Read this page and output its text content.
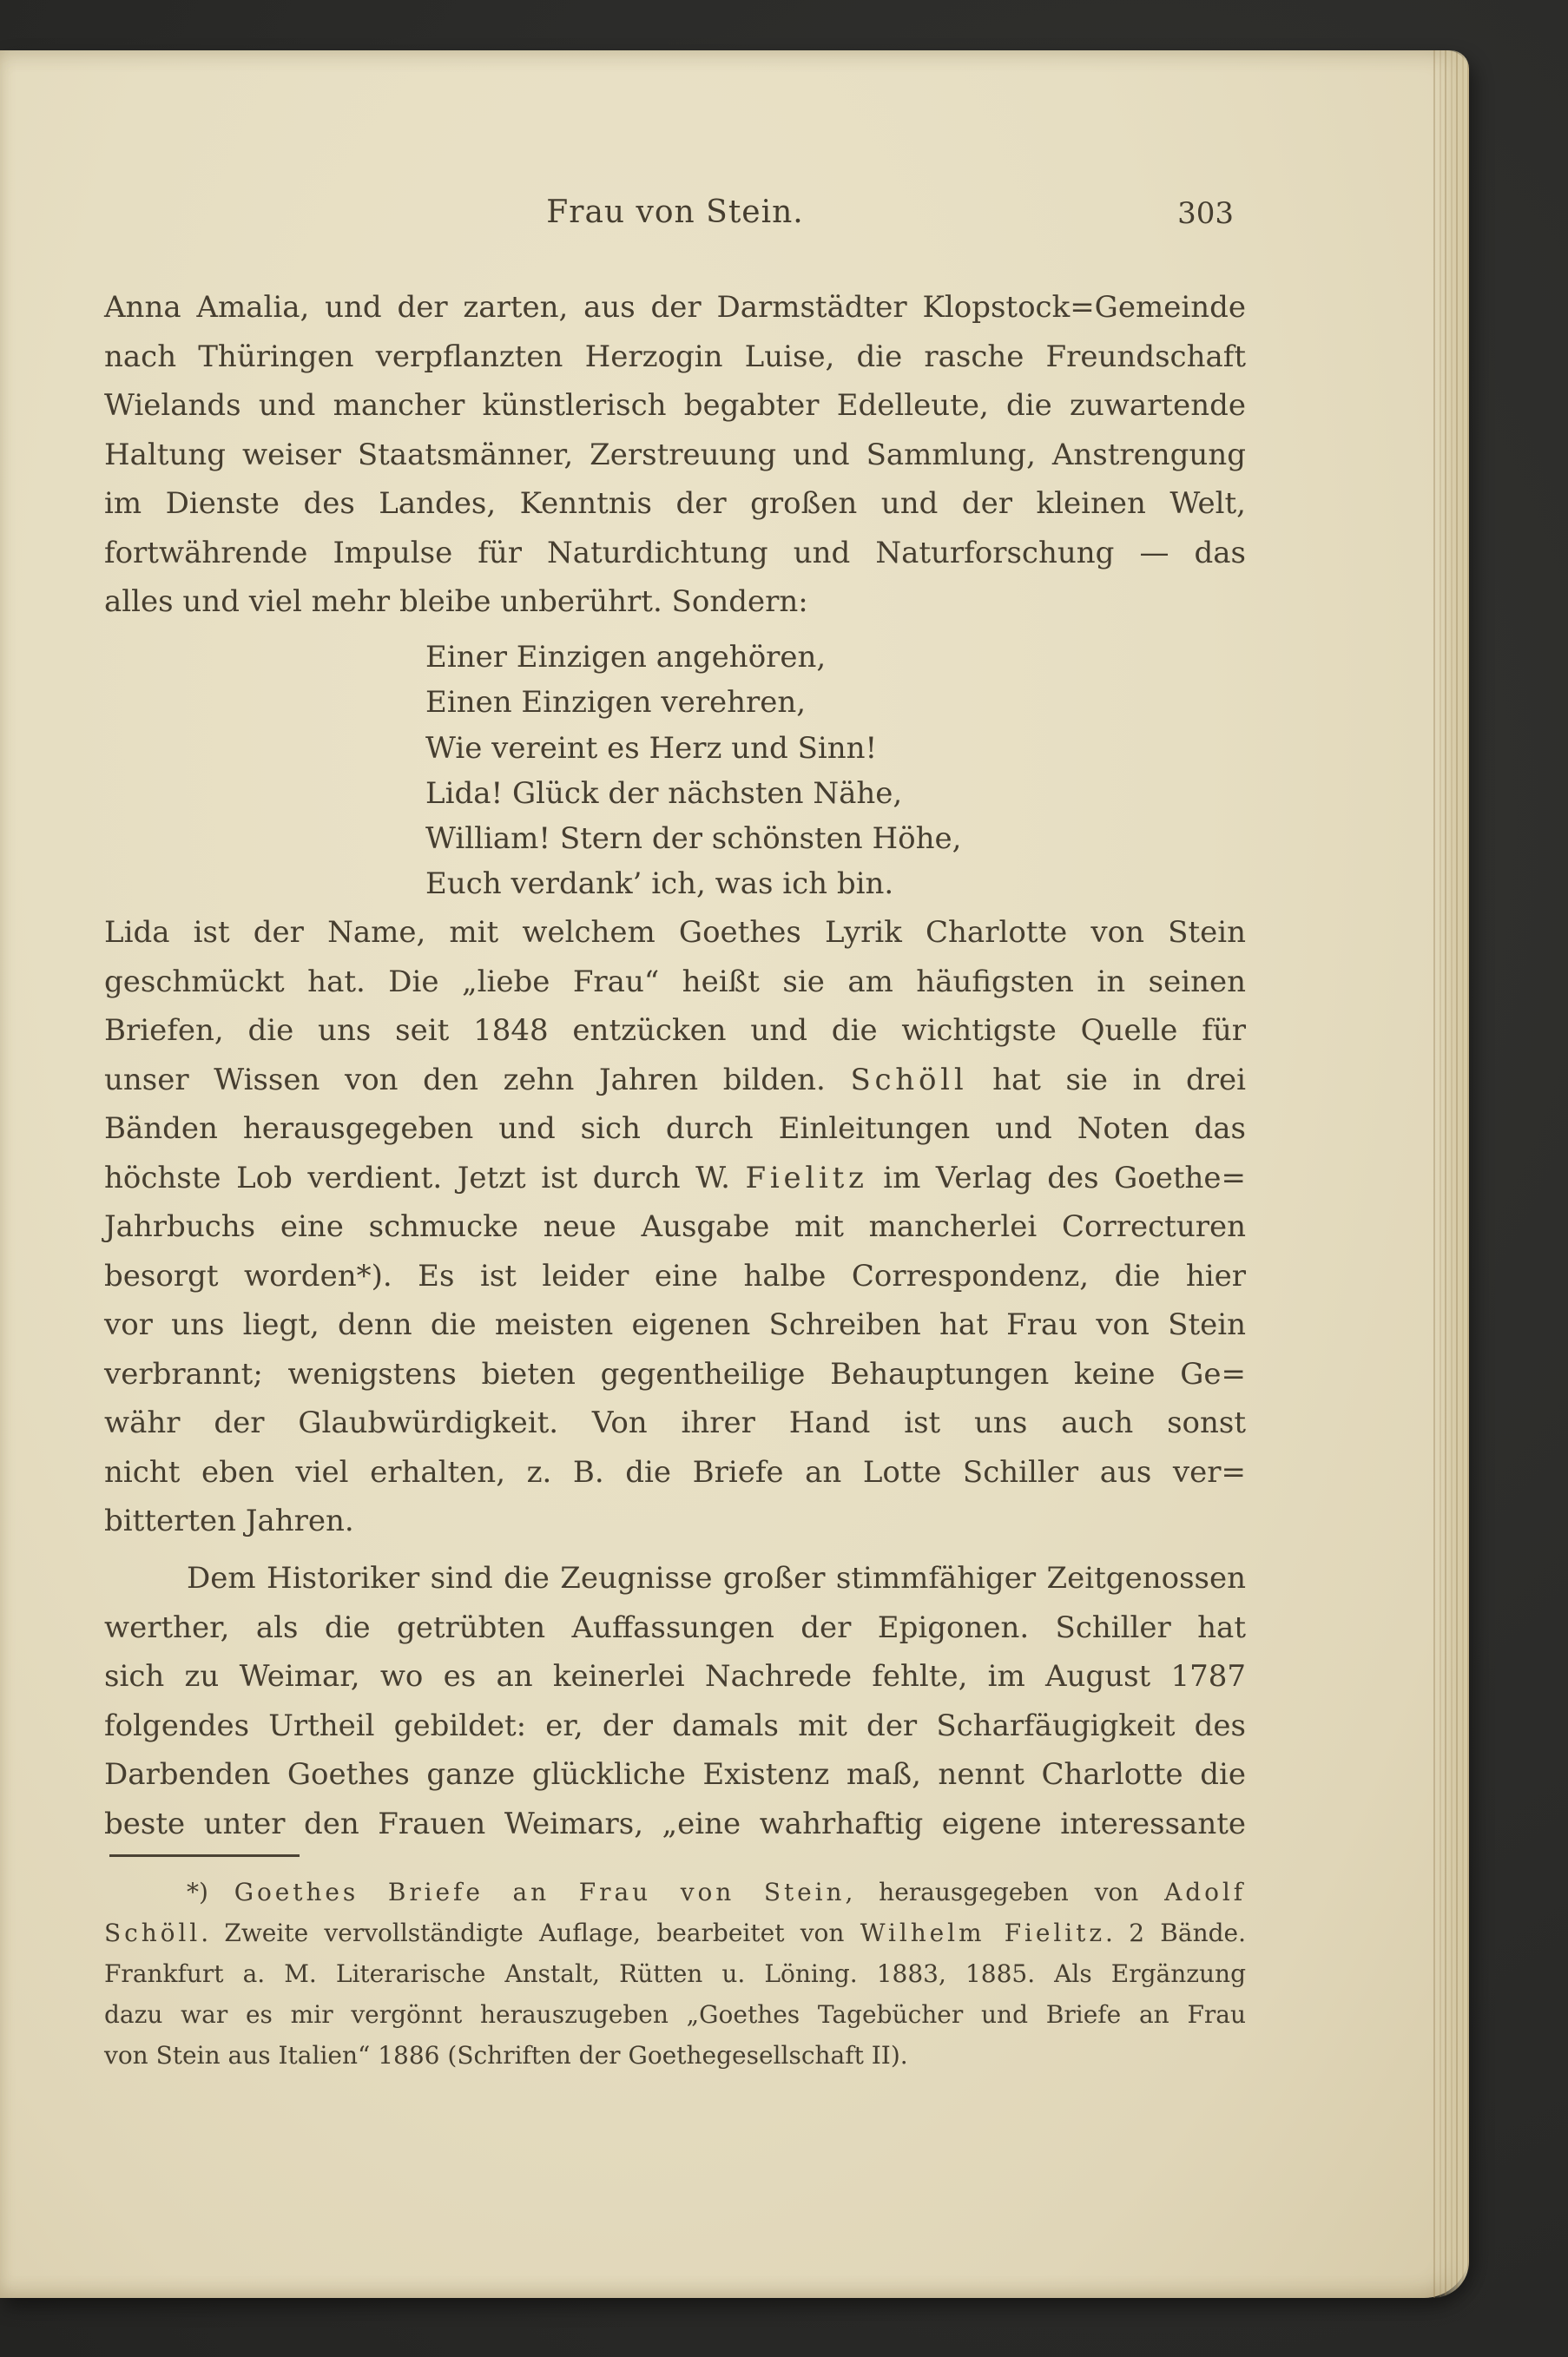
Frau von Stein.	303
Anna Amalia, und der zarten, aus der Darmstädter Klopstock=Gemeinde
nach Thüringen verpflanzten Herzogin Luise, die rasche Freundschaft
Wielands und mancher künstlerisch begabter Edelleute, die zuwartende
Haltung weiser Staatsmänner, Zerstreuung und Sammlung, Anstrengung
im Dienste des Landes, Kenntnis der großen und der kleinen Welt,
fortwährende Impulse für Naturdichtung und Naturforschung — das
alles und viel mehr bleibe unberührt. Sondern:
Einer Einzigen angehören,
Einen Einzigen verehren,
Wie vereint es Herz und Sinn!
Lida! Glück der nächsten Nähe,
William! Stern der schönsten Höhe,
Euch verdank’ ich, was ich bin.
Lida ist der Name, mit welchem Goethes Lyrik Charlotte von Stein
geschmückt hat. Die „liebe Frau“ heißt sie am häufigsten in seinen
Briefen, die uns seit 1848 entzücken und die wichtigste Quelle für
unser Wissen von den zehn Jahren bilden. Schöll hat sie in drei
Bänden herausgegeben und sich durch Einleitungen und Noten das
höchste Lob verdient. Jetzt ist durch W. Fielitz im Verlag des Goethe=
Jahrbuchs eine schmucke neue Ausgabe mit mancherlei Correcturen
besorgt worden*). Es ist leider eine halbe Correspondenz, die hier
vor uns liegt, denn die meisten eigenen Schreiben hat Frau von Stein
verbrannt; wenigstens bieten gegentheilige Behauptungen keine Ge=
währ der Glaubwürdigkeit. Von ihrer Hand ist uns auch sonst
nicht eben viel erhalten, z. B. die Briefe an Lotte Schiller aus ver=
bitterten Jahren.
Dem Historiker sind die Zeugnisse großer stimmfähiger Zeitgenossen
werther, als die getrübten Auffassungen der Epigonen. Schiller hat
sich zu Weimar, wo es an keinerlei Nachrede fehlte, im August 1787
folgendes Urtheil gebildet: er, der damals mit der Scharfäugigkeit des
Darbenden Goethes ganze glückliche Existenz maß, nennt Charlotte die
beste unter den Frauen Weimars, „eine wahrhaftig eigene interessante
*) Goethes Briefe an Frau von Stein, herausgegeben von Adolf
Schöll. Zweite vervollständigte Auflage, bearbeitet von Wilhelm Fielitz. 2 Bände.
Frankfurt a. M. Literarische Anstalt, Rütten u. Löning. 1883, 1885. Als Ergänzung
dazu war es mir vergönnt herauszugeben „Goethes Tagebücher und Briefe an Frau
von Stein aus Italien“ 1886 (Schriften der Goethegesellschaft II).
